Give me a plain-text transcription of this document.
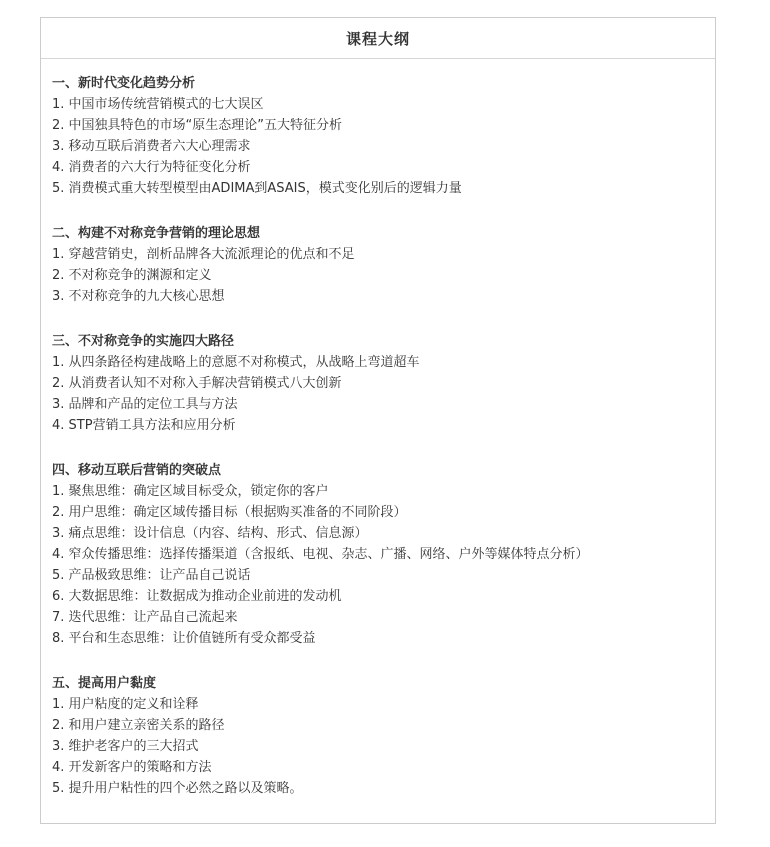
课程大纲
一、新时代变化趋势分析
1. 中国市场传统营销模式的七大误区
2. 中国独具特色的市场“原生态理论”五大特征分析
3. 移动互联后消费者六大心理需求
4. 消费者的六大行为特征变化分析
5. 消费模式重大转型模型由ADIMA到ASAIS，模式变化别后的逻辑力量
二、构建不对称竞争营销的理论思想
1. 穿越营销史，剖析品牌各大流派理论的优点和不足
2. 不对称竞争的渊源和定义
3. 不对称竞争的九大核心思想
三、不对称竞争的实施四大路径
1. 从四条路径构建战略上的意愿不对称模式，从战略上弯道超车
2. 从消费者认知不对称入手解决营销模式八大创新
3. 品牌和产品的定位工具与方法
4. STP营销工具方法和应用分析
四、移动互联后营销的突破点
1. 聚焦思维：确定区域目标受众，锁定你的客户
2. 用户思维：确定区域传播目标（根据购买准备的不同阶段）
3. 痛点思维：设计信息（内容、结构、形式、信息源）
4. 窄众传播思维：选择传播渠道（含报纸、电视、杂志、广播、网络、户外等媒体特点分析）
5. 产品极致思维：让产品自己说话
6. 大数据思维：让数据成为推动企业前进的发动机
7. 迭代思维：让产品自己流起来
8. 平台和生态思维：让价值链所有受众都受益
五、提高用户黏度
1. 用户粘度的定义和诠释
2. 和用户建立亲密关系的路径
3. 维护老客户的三大招式
4. 开发新客户的策略和方法
5. 提升用户粘性的四个必然之路以及策略。
